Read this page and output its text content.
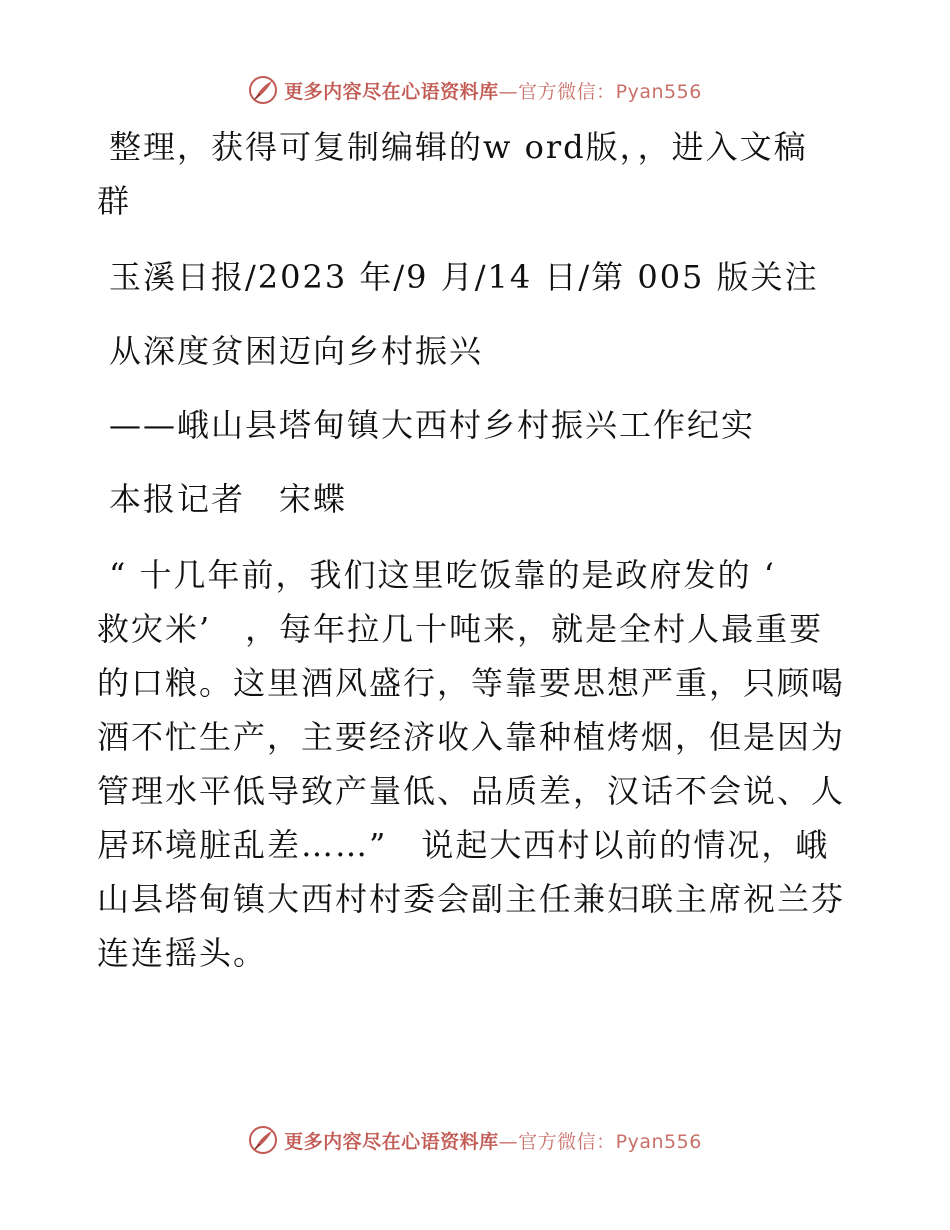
更多内容尽在心语资料库—官方微信：Pyan556
整理，获得可复制编辑的w ord版，，进入文稿
群
玉溪日报/2023 年/9 月/14 日/第 005 版关注
从深度贫困迈向乡村振兴
——峨山县塔甸镇大西村乡村振兴工作纪实
本报记者　宋蝶

“ 十几年前，我们这里吃饭靠的是政府发的 ‘
救灾米’　，每年拉几十吨来，就是全村人最重要
的口粮。这里酒风盛行，等靠要思想严重，只顾喝
酒不忙生产，主要经济收入靠种植烤烟，但是因为
管理水平低导致产量低、品质差，汉话不会说、人
居环境脏乱差……”　说起大西村以前的情况，峨
山县塔甸镇大西村村委会副主任兼妇联主席祝兰芬
连连摇头。

更多内容尽在心语资料库—官方微信：Pyan556
